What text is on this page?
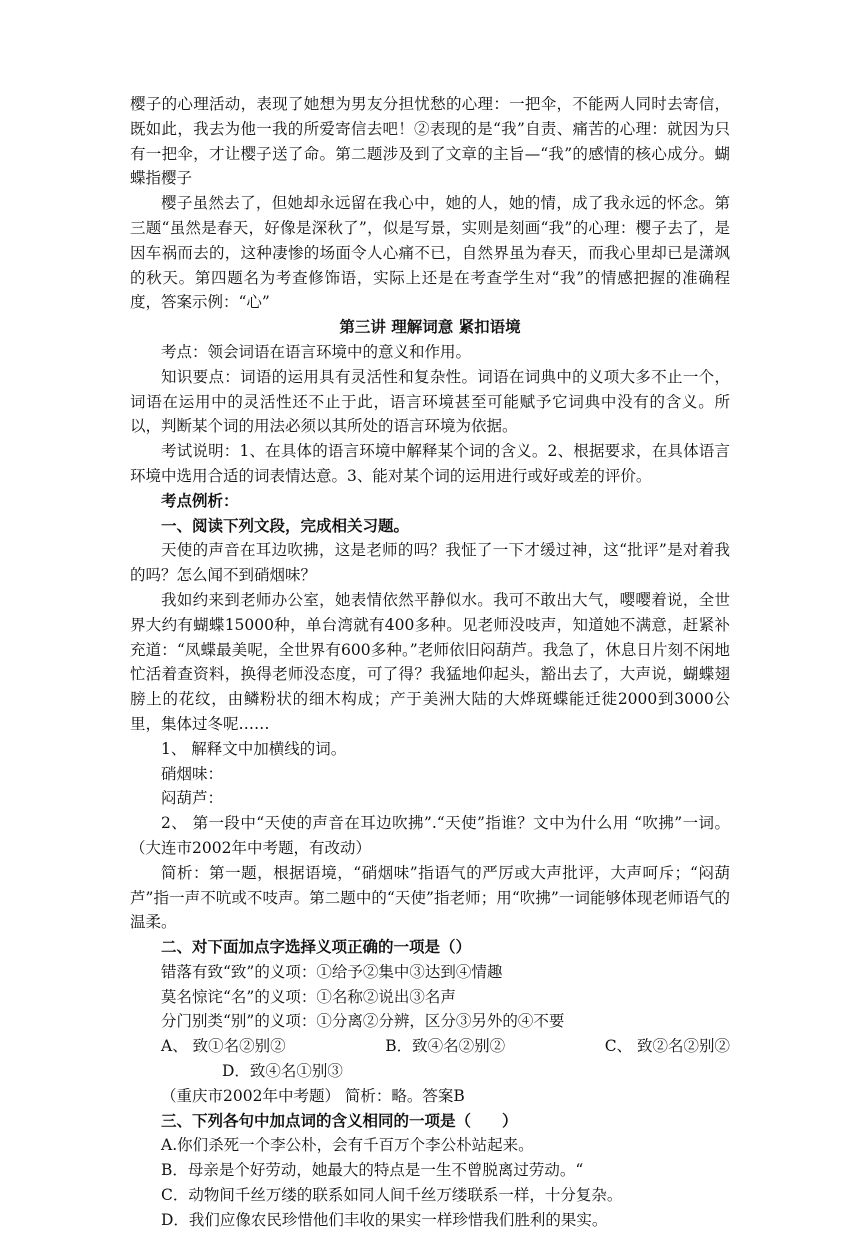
樱子的心理活动，表现了她想为男友分担忧愁的心理：一把伞，不能两人同时去寄信，既如此，我去为他一我的所爱寄信去吧！②表现的是“我”自责、痛苦的心理：就因为只有一把伞，才让樱子送了命。第二题涉及到了文章的主旨—“我”的感情的核心成分。蝴蝶指樱子

樱子虽然去了，但她却永远留在我心中，她的人，她的情，成了我永远的怀念。第三题“虽然是春天，好像是深秋了”，似是写景，实则是刻画“我”的心理：樱子去了，是因车祸而去的，这种凄惨的场面令人心痛不已，自然界虽为春天，而我心里却已是潇飒的秋天。第四题名为考查修饰语，实际上还是在考查学生对“我”的情感把握的准确程度，答案示例：“心”

第三讲 理解词意 紧扣语境

考点：领会词语在语言环境中的意义和作用。

知识要点：词语的运用具有灵活性和复杂性。词语在词典中的义项大多不止一个，词语在运用中的灵活性还不止于此，语言环境甚至可能赋予它词典中没有的含义。所以，判断某个词的用法必须以其所处的语言环境为依据。

考试说明：1、在具体的语言环境中解释某个词的含义。2、根据要求，在具体语言环境中选用合适的词表情达意。3、能对某个词的运用进行或好或差的评价。

考点例析：

一、阅读下列文段，完成相关习题。

天使的声音在耳边吹拂，这是老师的吗？我怔了一下才缓过神，这“批评”是对着我的吗？怎么闻不到硝烟味？

我如约来到老师办公室，她表情依然平静似水。我可不敢出大气，嘤嘤着说，全世界大约有蝴蝶15000种，单台湾就有400多种。见老师没吱声，知道她不满意，赶紧补充道：“凤蝶最美呢，全世界有600多种。”老师依旧闷葫芦。我急了，休息日片刻不闲地忙活着查资料，换得老师没态度，可了得？我猛地仰起头，豁出去了，大声说，蝴蝶翅膀上的花纹，由鳞粉状的细木构成；产于美洲大陆的大烨斑蝶能迁徙2000到3000公里，集体过冬呢……

1、 解释文中加横线的词。

硝烟味：

闷葫芦：

2、 第一段中“天使的声音在耳边吹拂”.“天使”指谁？文中为什么用 “吹拂”一词。 （大连市2002年中考题，有改动）

简析：第一题，根据语境，“硝烟味”指语气的严厉或大声批评，大声呵斥；“闷葫芦”指一声不吭或不吱声。第二题中的“天使”指老师；用“吹拂”一词能够体现老师语气的温柔。

二、对下面加点字选择义项正确的一项是（）

错落有致“致”的义项：①给予②集中③达到④情趣

莫名惊诧“名”的义项：①名称②说出③名声

分门别类“别”的义项：①分离②分辨，区分③另外的④不要

A、 致①名②别②	B．致④名②别②	C、 致②名②别②

D．致④名①别③

（重庆市2002年中考题） 简析：略。答案B

三、下列各句中加点词的含义相同的一项是（　　）

A.你们杀死一个李公朴，会有千百万个李公朴站起来。

B．母亲是个好劳动，她最大的特点是一生不曾脱离过劳动。“

C．动物间千丝万缕的联系如同人间千丝万缕联系一样，十分复杂。

D．我们应像农民珍惜他们丰收的果实一样珍惜我们胜利的果实。
